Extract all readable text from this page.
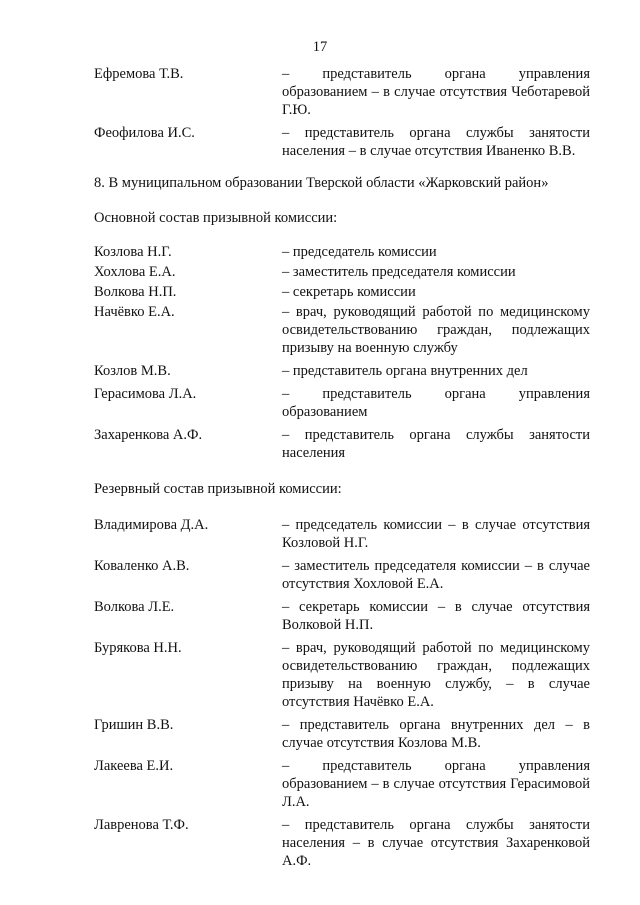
17
Ефремова Т.В.	– представитель органа управления образованием – в случае отсутствия Чеботаревой Г.Ю.
Феофилова И.С.	– представитель органа службы занятости населения – в случае отсутствия Иваненко В.В.

8. В муниципальном образовании Тверской области «Жарковский район»

Основной состав призывной комиссии:

Козлова Н.Г.	– председатель комиссии
Хохлова Е.А.	– заместитель председателя комиссии
Волкова Н.П.	– секретарь комиссии
Начёвко Е.А.	– врач, руководящий работой по медицинскому освидетельствованию граждан, подлежащих призыву на военную службу
Козлов М.В.	– представитель органа внутренних дел
Герасимова Л.А.	– представитель органа управления образованием
Захаренкова А.Ф.	– представитель органа службы занятости населения

Резервный состав призывной комиссии:

Владимирова Д.А.	– председатель комиссии – в случае отсутствия Козловой Н.Г.
Коваленко А.В.	– заместитель председателя комиссии – в случае отсутствия Хохловой Е.А.
Волкова Л.Е.	– секретарь комиссии – в случае отсутствия Волковой Н.П.
Бурякова Н.Н.	– врач, руководящий работой по медицинскому освидетельствованию граждан, подлежащих призыву на военную службу, – в случае отсутствия Начёвко Е.А.
Гришин В.В.	– представитель органа внутренних дел – в случае отсутствия Козлова М.В.
Лакеева Е.И.	– представитель органа управления образованием – в случае отсутствия Герасимовой Л.А.
Лавренова Т.Ф.	– представитель органа службы занятости населения – в случае отсутствия Захаренковой А.Ф.
